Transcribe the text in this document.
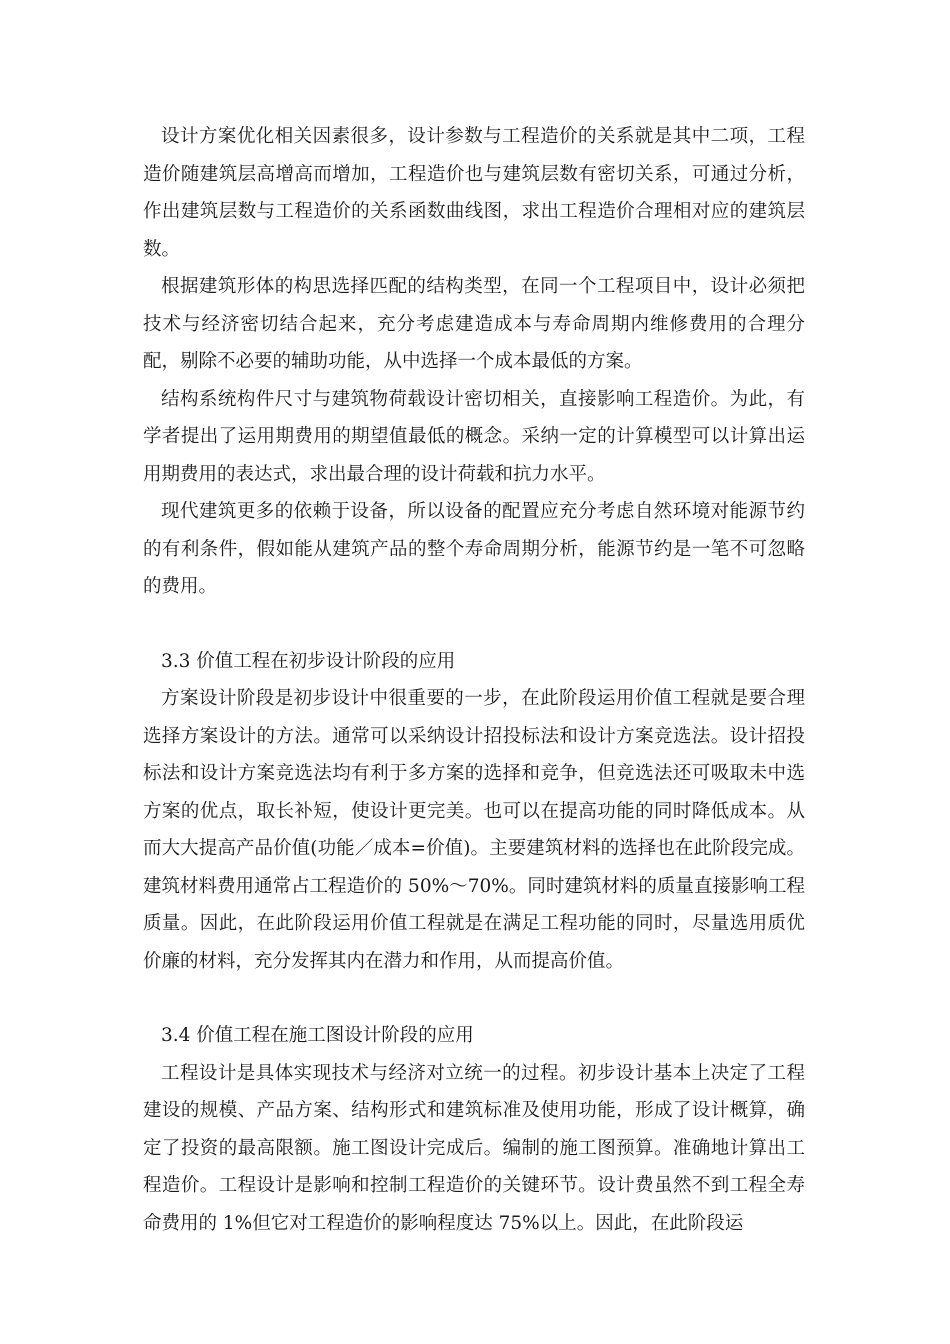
设计方案优化相关因素很多，设计参数与工程造价的关系就是其中二项，工程造价随建筑层高增高而增加，工程造价也与建筑层数有密切关系，可通过分析，作出建筑层数与工程造价的关系函数曲线图，求出工程造价合理相对应的建筑层数。

根据建筑形体的构思选择匹配的结构类型，在同一个工程项目中，设计必须把技术与经济密切结合起来，充分考虑建造成本与寿命周期内维修费用的合理分配，剔除不必要的辅助功能，从中选择一个成本最低的方案。

结构系统构件尺寸与建筑物荷载设计密切相关，直接影响工程造价。为此，有学者提出了运用期费用的期望值最低的概念。采纳一定的计算模型可以计算出运用期费用的表达式，求出最合理的设计荷载和抗力水平。

现代建筑更多的依赖于设备，所以设备的配置应充分考虑自然环境对能源节约的有利条件，假如能从建筑产品的整个寿命周期分析，能源节约是一笔不可忽略的费用。

3.3 价值工程在初步设计阶段的应用

方案设计阶段是初步设计中很重要的一步，在此阶段运用价值工程就是要合理选择方案设计的方法。通常可以采纳设计招投标法和设计方案竞选法。设计招投标法和设计方案竞选法均有利于多方案的选择和竞争，但竞选法还可吸取未中选方案的优点，取长补短，使设计更完美。也可以在提高功能的同时降低成本。从而大大提高产品价值(功能／成本=价值)。主要建筑材料的选择也在此阶段完成。建筑材料费用通常占工程造价的 50%～70%。同时建筑材料的质量直接影响工程质量。因此，在此阶段运用价值工程就是在满足工程功能的同时，尽量选用质优价廉的材料，充分发挥其内在潜力和作用，从而提高价值。

3.4 价值工程在施工图设计阶段的应用

工程设计是具体实现技术与经济对立统一的过程。初步设计基本上决定了工程建设的规模、产品方案、结构形式和建筑标准及使用功能，形成了设计概算，确定了投资的最高限额。施工图设计完成后。编制的施工图预算。准确地计算出工程造价。工程设计是影响和控制工程造价的关键环节。设计费虽然不到工程全寿命费用的 1%但它对工程造价的影响程度达 75%以上。因此，在此阶段运
